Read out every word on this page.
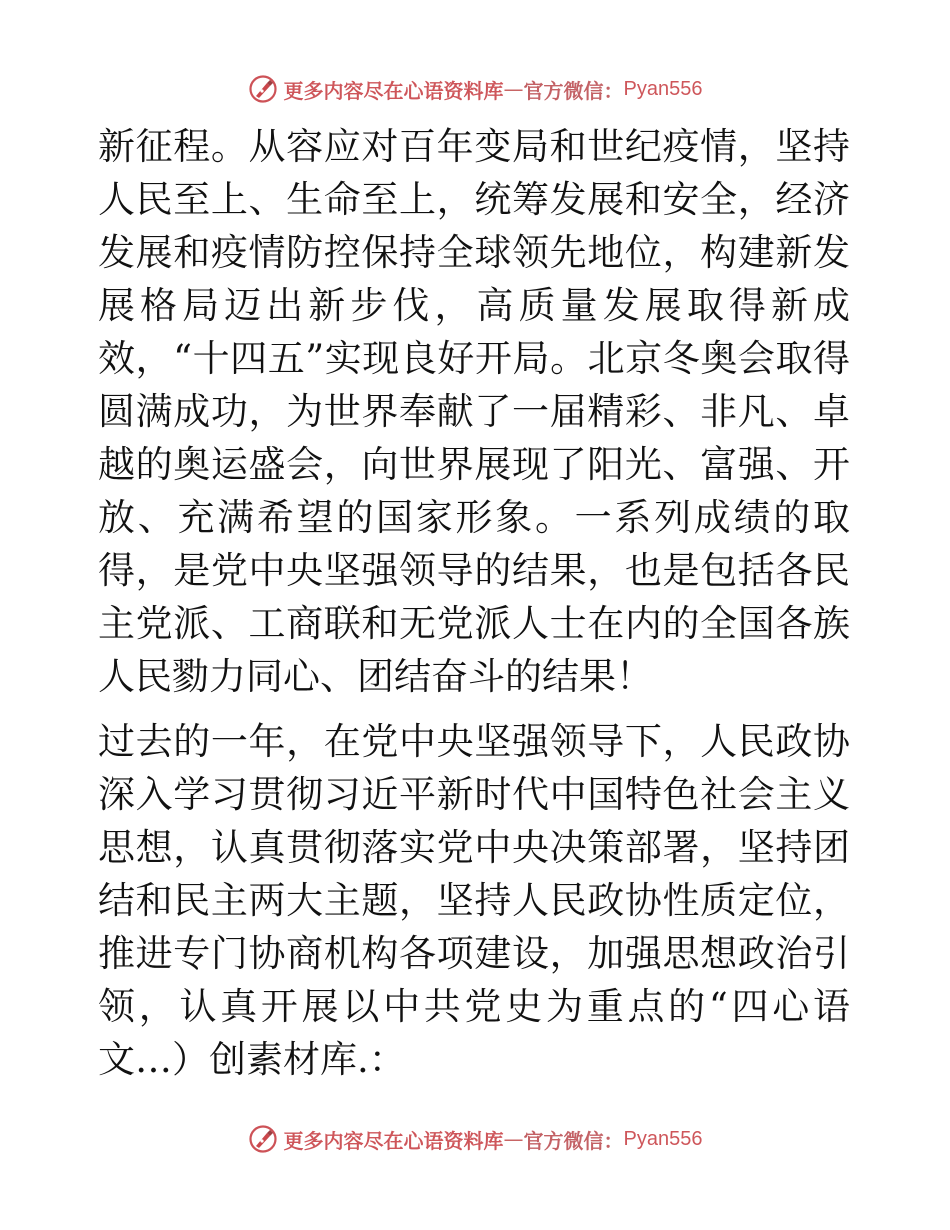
更多内容尽在心语资料库 — 官方微信： Pyan556

新征程。从容应对百年变局和世纪疫情，坚持人民至上、生命至上，统筹发展和安全，经济发展和疫情防控保持全球领先地位，构建新发展格局迈出新步伐，高质量发展取得新成效，“十四五”实现良好开局。北京冬奥会取得圆满成功，为世界奉献了一届精彩、非凡、卓越的奥运盛会，向世界展现了阳光、富强、开放、充满希望的国家形象。一系列成绩的取得，是党中央坚强领导的结果，也是包括各民主党派、工商联和无党派人士在内的全国各族人民勠力同心、团结奋斗的结果！

过去的一年，在党中央坚强领导下，人民政协深入学习贯彻习近平新时代中国特色社会主义思想，认真贯彻落实党中央决策部署，坚持团结和民主两大主题，坚持人民政协性质定位，推进专门协商机构各项建设，加强思想政治引领，认真开展以中共党史为重点的“四心语文…）创素材库.：

更多内容尽在心语资料库 — 官方微信： Pyan556
